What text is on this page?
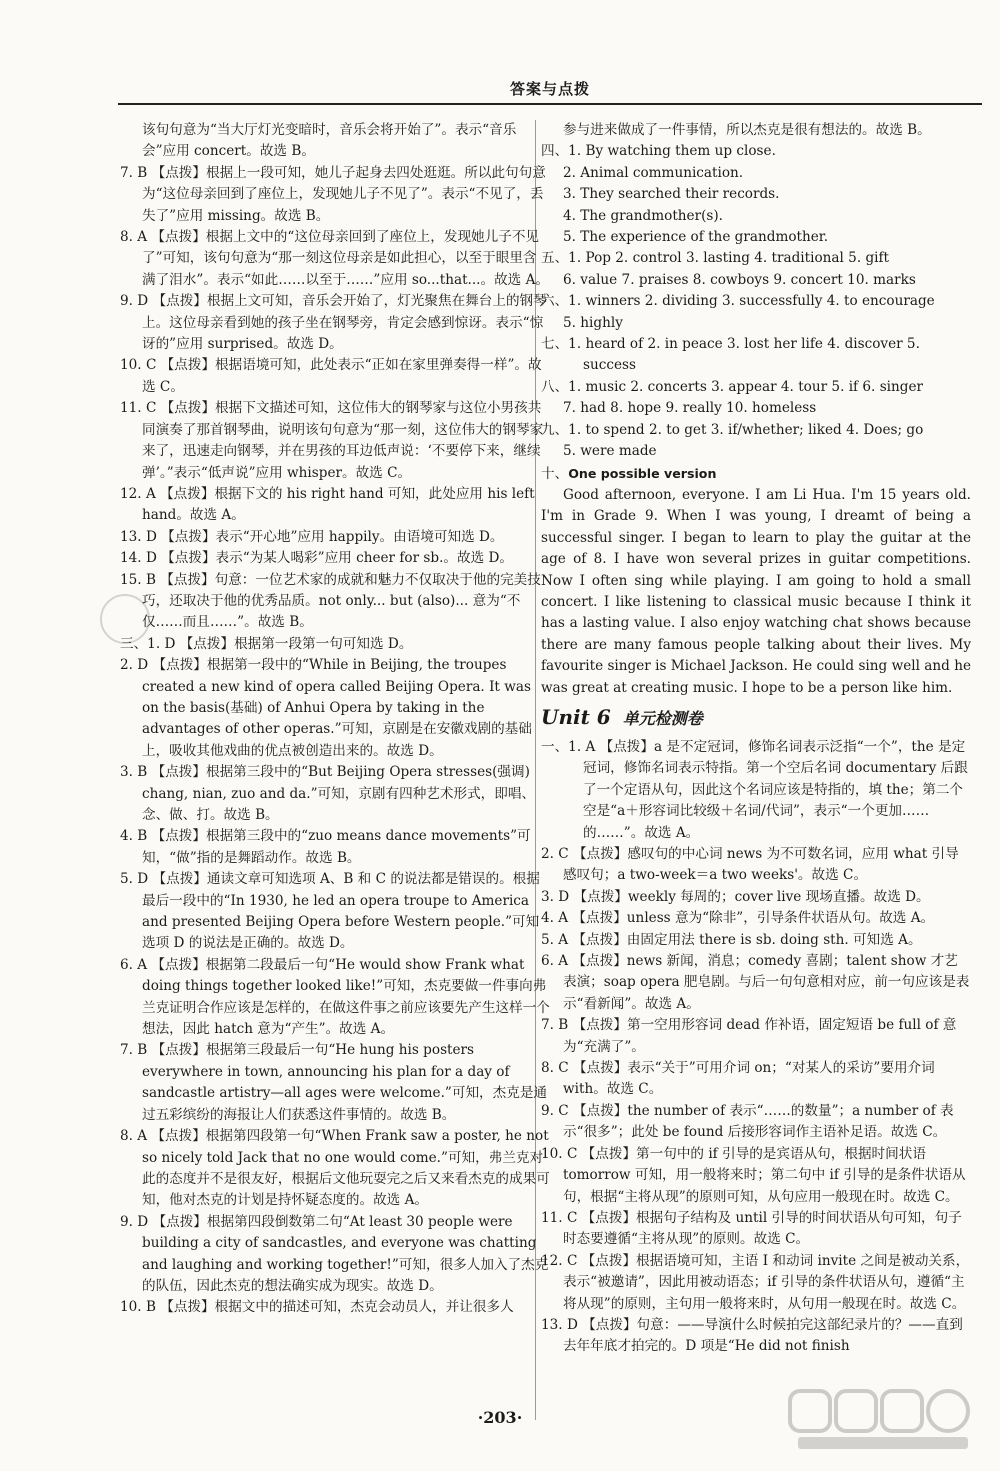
答案与点拨

该句句意为“当大厅灯光变暗时，音乐会将开始了”。表示“音乐会”应用 concert。故选 B。

7. B 【点拨】根据上一段可知，她儿子起身去四处逛逛。所以此句句意为“这位母亲回到了座位上，发现她儿子不见了”。表示“不见了，丢失了”应用 missing。故选 B。

8. A 【点拨】根据上文中的“这位母亲回到了座位上，发现她儿子不见了”可知，该句句意为“那一刻这位母亲是如此担心，以至于眼里含满了泪水”。表示“如此……以至于……”应用 so...that...。故选 A。

9. D 【点拨】根据上文可知，音乐会开始了，灯光聚焦在舞台上的钢琴上。这位母亲看到她的孩子坐在钢琴旁，肯定会感到惊讶。表示“惊讶的”应用 surprised。故选 D。

10. C 【点拨】根据语境可知，此处表示“正如在家里弹奏得一样”。故选 C。

11. C 【点拨】根据下文描述可知，这位伟大的钢琴家与这位小男孩共同演奏了那首钢琴曲，说明该句句意为“那一刻，这位伟大的钢琴家来了，迅速走向钢琴，并在男孩的耳边低声说：‘不要停下来，继续弹’。”表示“低声说”应用 whisper。故选 C。

12. A 【点拨】根据下文的 his right hand 可知，此处应用 his left hand。故选 A。

13. D 【点拨】表示“开心地”应用 happily。由语境可知选 D。

14. D 【点拨】表示“为某人喝彩”应用 cheer for sb.。故选 D。

15. B 【点拨】句意：一位艺术家的成就和魅力不仅取决于他的完美技巧，还取决于他的优秀品质。not only... but (also)... 意为“不仅……而且……”。故选 B。

三、1. D 【点拨】根据第一段第一句可知选 D。

2. D 【点拨】根据第一段中的“While in Beijing, the troupes created a new kind of opera called Beijing Opera. It was on the basis(基础) of Anhui Opera by taking in the advantages of other operas.”可知，京剧是在安徽戏剧的基础上，吸收其他戏曲的优点被创造出来的。故选 D。

3. B 【点拨】根据第三段中的“But Beijing Opera stresses(强调) chang, nian, zuo and da.”可知，京剧有四种艺术形式，即唱、念、做、打。故选 B。

4. B 【点拨】根据第三段中的“zuo means dance movements”可知，“做”指的是舞蹈动作。故选 B。

5. D 【点拨】通读文章可知选项 A、B 和 C 的说法都是错误的。根据最后一段中的“In 1930, he led an opera troupe to America and presented Beijing Opera before Western people.”可知选项 D 的说法是正确的。故选 D。

6. A 【点拨】根据第二段最后一句“He would show Frank what doing things together looked like!”可知，杰克要做一件事向弗兰克证明合作应该是怎样的，在做这件事之前应该要先产生这样一个想法，因此 hatch 意为“产生”。故选 A。

7. B 【点拨】根据第三段最后一句“He hung his posters everywhere in town, announcing his plan for a day of sandcastle artistry—all ages were welcome.”可知，杰克是通过五彩缤纷的海报让人们获悉这件事情的。故选 B。

8. A 【点拨】根据第四段第一句“When Frank saw a poster, he not so nicely told Jack that no one would come.”可知，弗兰克对此的态度并不是很友好，根据后文他玩耍完之后又来看杰克的成果可知，他对杰克的计划是持怀疑态度的。故选 A。

9. D 【点拨】根据第四段倒数第二句“At least 30 people were building a city of sandcastles, and everyone was chatting and laughing and working together!”可知，很多人加入了杰克的队伍，因此杰克的想法确实成为现实。故选 D。

10. B 【点拨】根据文中的描述可知，杰克会动员人，并让很多人

参与进来做成了一件事情，所以杰克是很有想法的。故选 B。

四、1. By watching them up close.

2. Animal communication.

3. They searched their records.

4. The grandmother(s).

5. The experience of the grandmother.

五、1. Pop 2. control 3. lasting 4. traditional 5. gift

6. value 7. praises 8. cowboys 9. concert 10. marks

六、1. winners 2. dividing 3. successfully 4. to encourage

5. highly

七、1. heard of 2. in peace 3. lost her life 4. discover 5. success

八、1. music 2. concerts 3. appear 4. tour 5. if 6. singer

7. had 8. hope 9. really 10. homeless

九、1. to spend 2. to get 3. if/whether; liked 4. Does; go

5. were made

十、One possible version

Good afternoon, everyone. I am Li Hua. I'm 15 years old. I'm in Grade 9. When I was young, I dreamt of being a successful singer. I began to learn to play the guitar at the age of 8. I have won several prizes in guitar competitions. Now I often sing while playing. I am going to hold a small concert. I like listening to classical music because I think it has a lasting value. I also enjoy watching chat shows because there are many famous people talking about their lives. My favourite singer is Michael Jackson. He could sing well and he was great at creating music. I hope to be a person like him.

Unit 6 单元检测卷

一、1. A 【点拨】a 是不定冠词，修饰名词表示泛指“一个”，the 是定冠词，修饰名词表示特指。第一个空后名词 documentary 后跟了一个定语从句，因此这个名词应该是特指的，填 the；第二个空是“a＋形容词比较级＋名词/代词”，表示“一个更加……的……”。故选 A。

2. C 【点拨】感叹句的中心词 news 为不可数名词，应用 what 引导感叹句；a two-week＝a two weeks'。故选 C。

3. D 【点拨】weekly 每周的；cover live 现场直播。故选 D。

4. A 【点拨】unless 意为“除非”，引导条件状语从句。故选 A。

5. A 【点拨】由固定用法 there is sb. doing sth. 可知选 A。

6. A 【点拨】news 新闻，消息；comedy 喜剧；talent show 才艺表演；soap opera 肥皂剧。与后一句句意相对应，前一句应该是表示“看新闻”。故选 A。

7. B 【点拨】第一空用形容词 dead 作补语，固定短语 be full of 意为“充满了”。

8. C 【点拨】表示“关于”可用介词 on；“对某人的采访”要用介词 with。故选 C。

9. C 【点拨】the number of 表示“……的数量”；a number of 表示“很多”；此处 be found 后接形容词作主语补足语。故选 C。

10. C 【点拨】第一句中的 if 引导的是宾语从句，根据时间状语 tomorrow 可知，用一般将来时；第二句中 if 引导的是条件状语从句，根据“主将从现”的原则可知，从句应用一般现在时。故选 C。

11. C 【点拨】根据句子结构及 until 引导的时间状语从句可知，句子时态要遵循“主将从现”的原则。故选 C。

12. C 【点拨】根据语境可知，主语 I 和动词 invite 之间是被动关系，表示“被邀请”，因此用被动语态；if 引导的条件状语从句，遵循“主将从现”的原则，主句用一般将来时，从句用一般现在时。故选 C。

13. D 【点拨】句意：——导演什么时候拍完这部纪录片的？——直到去年年底才拍完的。D 项是“He did not finish

·203·
